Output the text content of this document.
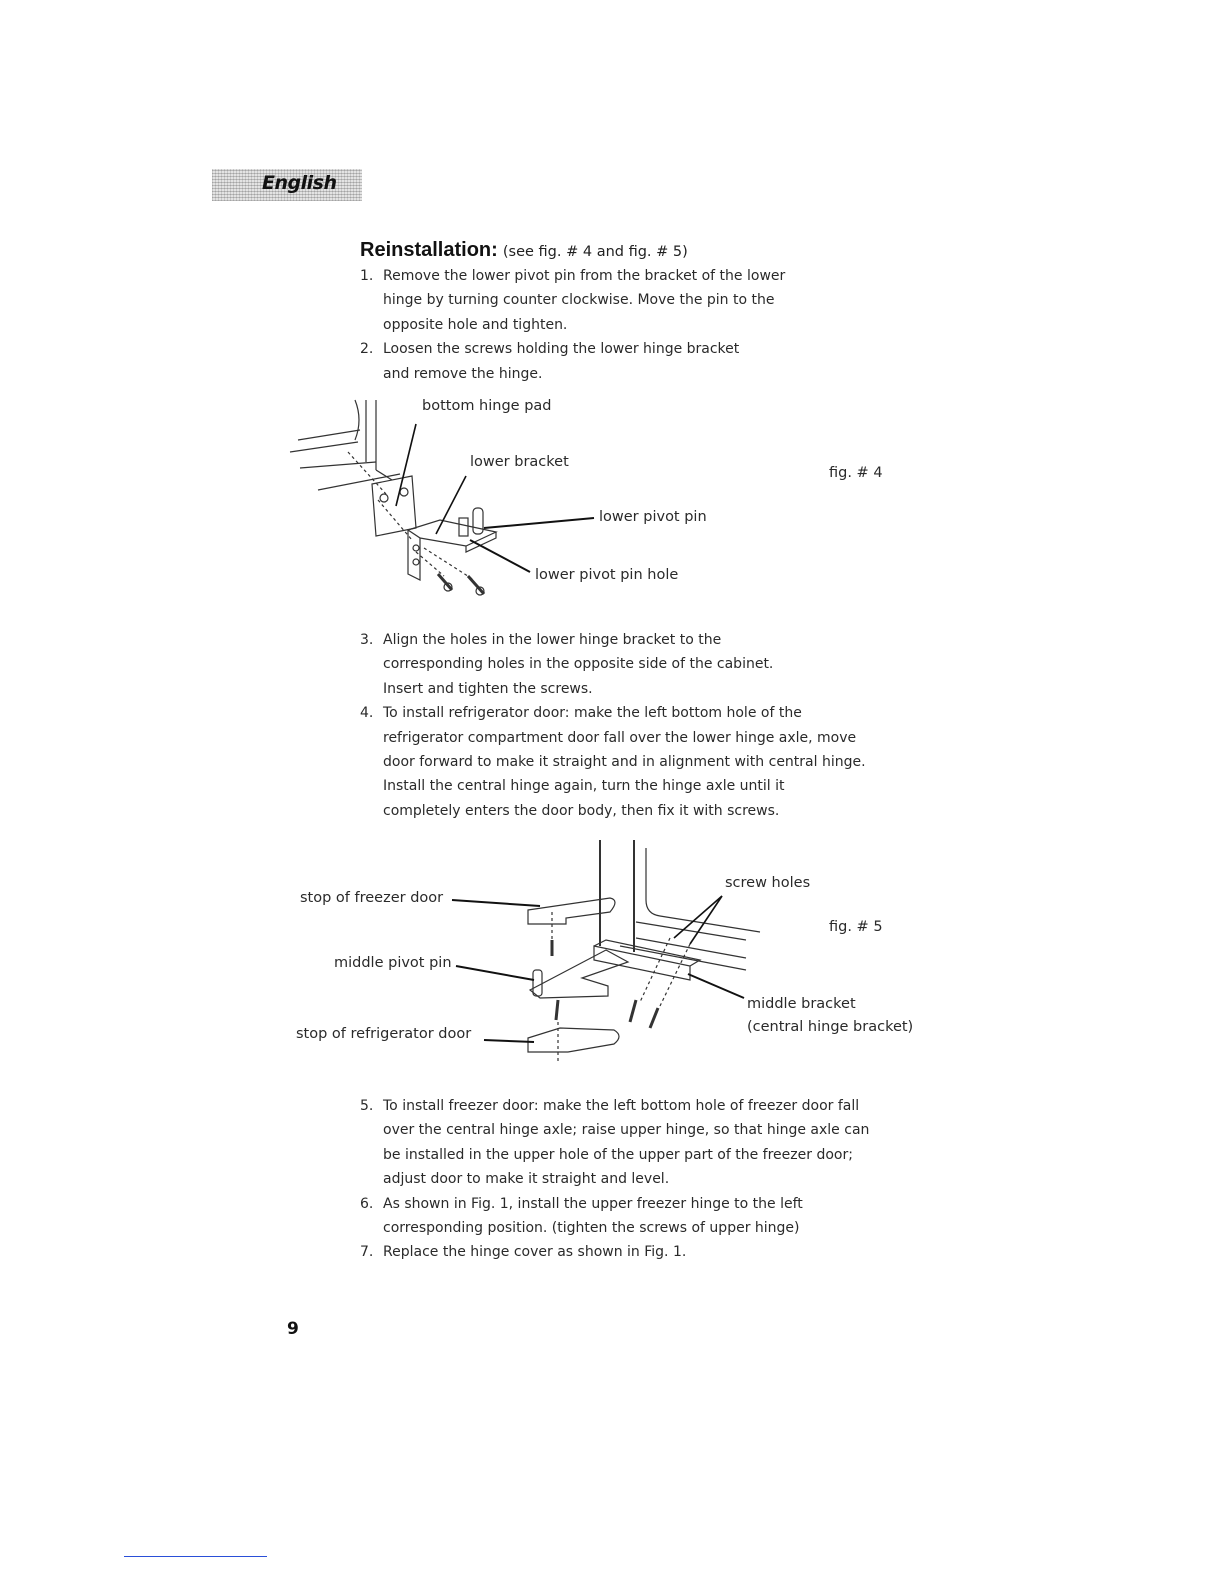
English
Reinstallation: (see fig. # 4 and fig. # 5)
1. Remove the lower pivot pin from the bracket of the lower
hinge by turning counter clockwise. Move the pin to the
opposite hole and tighten.
2. Loosen the screws holding the lower hinge bracket
and remove the hinge.
bottom hinge pad
lower bracket
lower pivot pin
lower pivot pin hole
fig. # 4
3. Align the holes in the lower hinge bracket to the
corresponding holes in the opposite side of the cabinet.
Insert and tighten the screws.
4. To install refrigerator door: make the left bottom hole of the
refrigerator compartment door fall over the lower hinge axle, move
door forward to make it straight and in alignment with central hinge.
Install the central hinge again, turn the hinge axle until it
completely enters the door body, then fix it with screws.
stop of freezer door
middle pivot pin
stop of refrigerator door
screw holes
fig. # 5
middle bracket
(central hinge bracket)
5. To install freezer door: make the left bottom hole of freezer door fall
over the central hinge axle; raise upper hinge, so that hinge axle can
be installed in the upper hole of the upper part of the freezer door;
adjust door to make it straight and level.
6. As shown in Fig. 1, install the upper freezer hinge to the left
corresponding position. (tighten the screws of upper hinge)
7. Replace the hinge cover as shown in Fig. 1.
9
